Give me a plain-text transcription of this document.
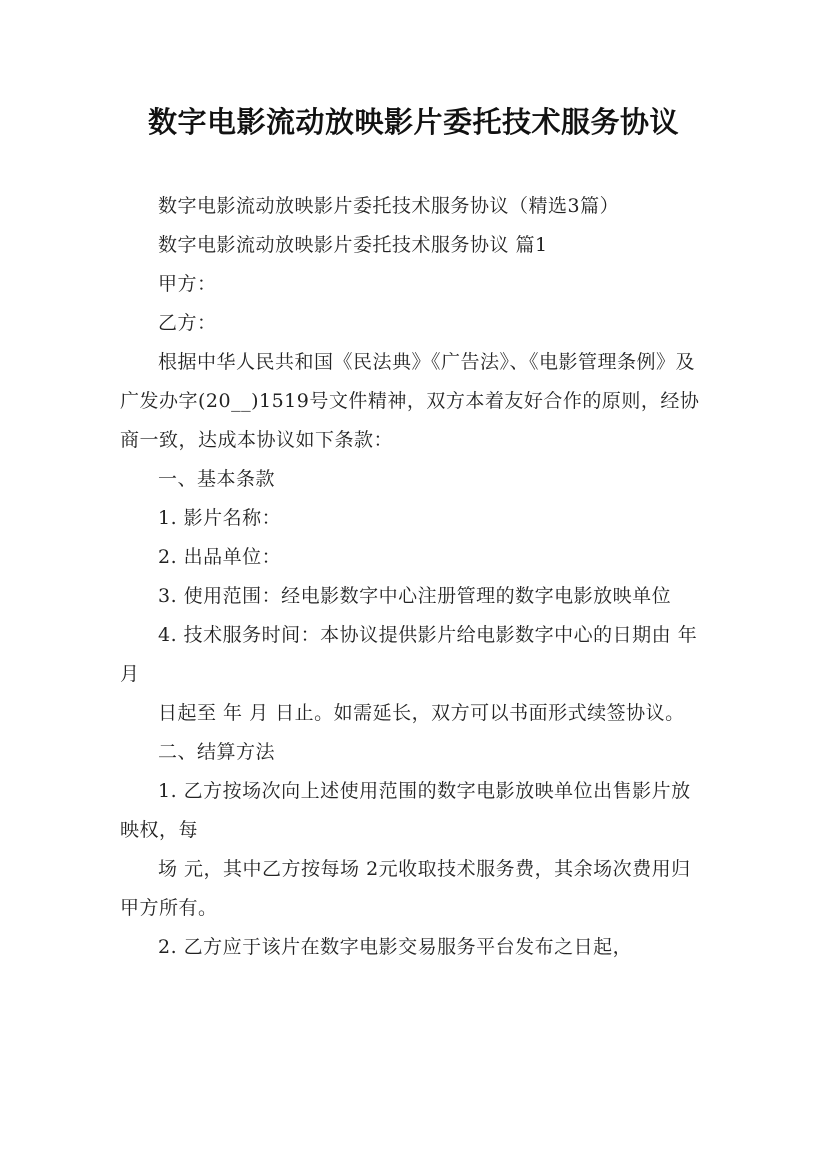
数字电影流动放映影片委托技术服务协议

数字电影流动放映影片委托技术服务协议（精选3篇）

数字电影流动放映影片委托技术服务协议 篇1

甲方：

乙方：

根据中华人民共和国《民法典》《广告法》、《电影管理条例》及广发办字(20__)1519号文件精神，双方本着友好合作的原则，经协商一致，达成本协议如下条款：

一、基本条款

1. 影片名称：

2. 出品单位：

3. 使用范围：经电影数字中心注册管理的数字电影放映单位

4. 技术服务时间：本协议提供影片给电影数字中心的日期由 年 月

日起至 年 月 日止。如需延长，双方可以书面形式续签协议。

二、结算方法

1. 乙方按场次向上述使用范围的数字电影放映单位出售影片放映权，每

场 元，其中乙方按每场 2元收取技术服务费，其余场次费用归甲方所有。

2. 乙方应于该片在数字电影交易服务平台发布之日起，
